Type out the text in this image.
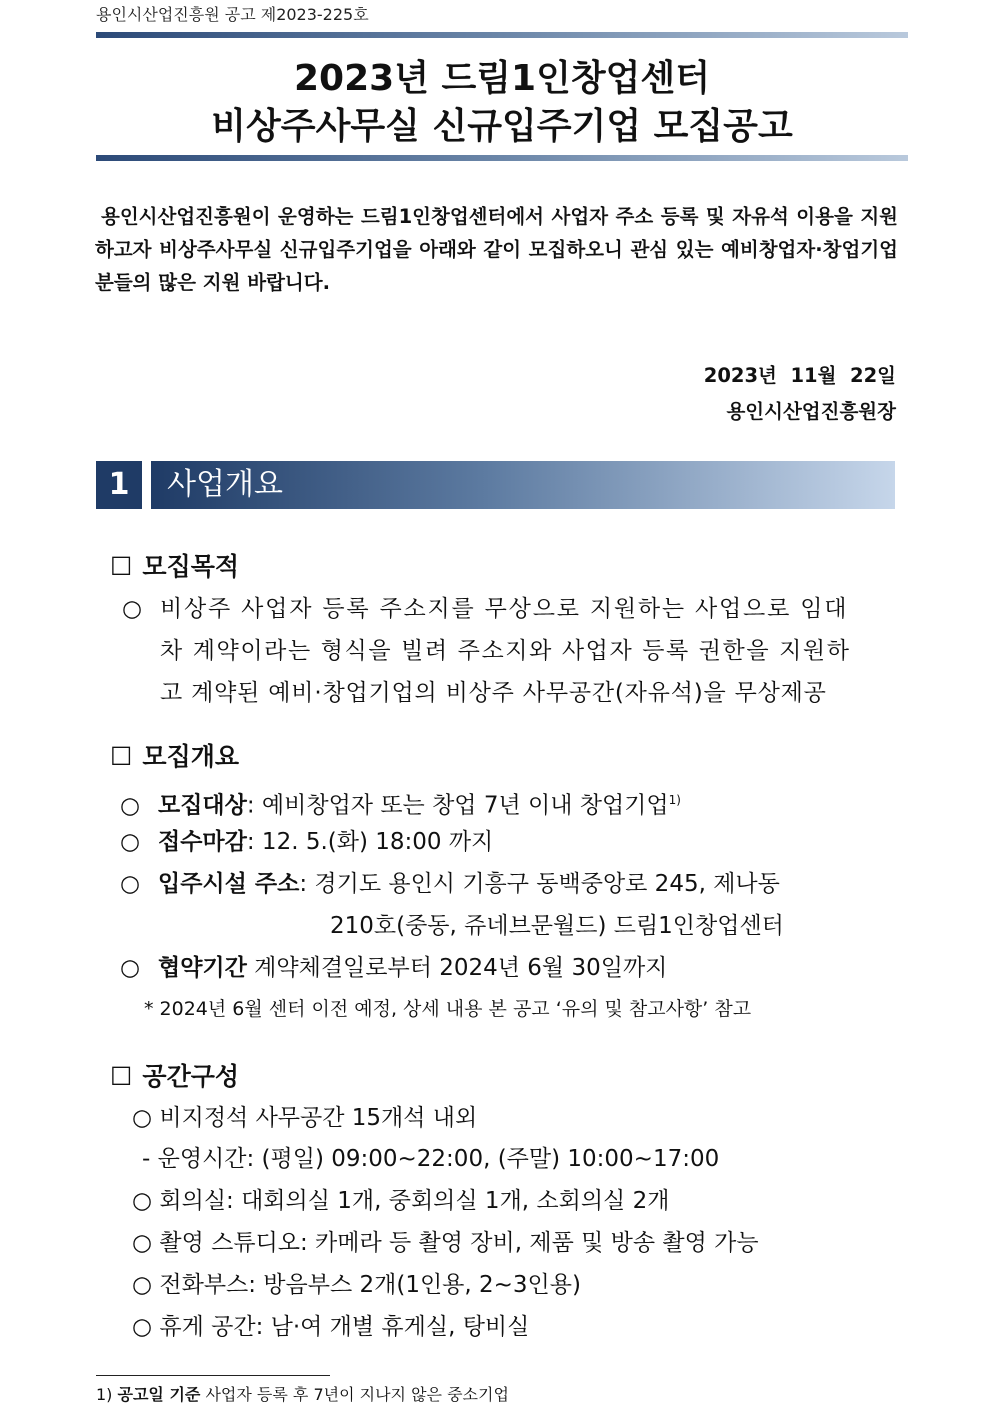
용인시산업진흥원 공고 제2023-225호
2023년 드림1인창업센터
비상주사무실 신규입주기업 모집공고
용인시산업진흥원이 운영하는 드림1인창업센터에서 사업자 주소 등록 및 자유석 이용을 지원하고자 비상주사무실 신규입주기업을 아래와 같이 모집하오니 관심 있는 예비창업자·창업기업 분들의 많은 지원 바랍니다.
2023년  11월  22일
용인시산업진흥원장
1	사업개요
☐ 모집목적
○ 비상주 사업자 등록 주소지를 무상으로 지원하는 사업으로 임대
차 계약이라는 형식을 빌려 주소지와 사업자 등록 권한을 지원하
고 계약된 예비·창업기업의 비상주 사무공간(자유석)을 무상제공
☐ 모집개요
○ 모집대상: 예비창업자 또는 창업 7년 이내 창업기업$^{1)}$
○ 접수마감: 12. 5.(화) 18:00 까지
○ 입주시설 주소: 경기도 용인시 기흥구 동백중앙로 245, 제나동
210호(중동, 쥬네브문월드) 드림1인창업센터
○ 협약기간 계약체결일로부터 2024년 6월 30일까지
* 2024년 6월 센터 이전 예정, 상세 내용 본 공고 ‘유의 및 참고사항’ 참고
☐ 공간구성
○ 비지정석 사무공간 15개석 내외
- 운영시간: (평일) 09:00~22:00, (주말) 10:00~17:00
○ 회의실: 대회의실 1개, 중회의실 1개, 소회의실 2개
○ 촬영 스튜디오: 카메라 등 촬영 장비, 제품 및 방송 촬영 가능
○ 전화부스: 방음부스 2개(1인용, 2~3인용)
○ 휴게 공간: 남·여 개별 휴게실, 탕비실
1) 공고일 기준 사업자 등록 후 7년이 지나지 않은 중소기업
